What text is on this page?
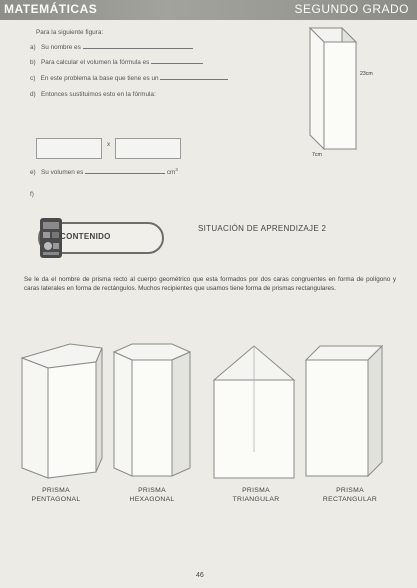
MATEMÁTICAS	SEGUNDO GRADO
Para la siguiente figura:
a) Su nombre es
b) Para calcular el volumen la fórmula es
c) En este problema la base que tiene es un
d) Entonces sustituimos esto en la fórmula:
x
e) Su volumen es	$cm^3$
f)
23cm
7cm
CONTENIDO
SITUACIÓN DE APRENDIZAJE 2
Se le da el nombre de prisma recto al cuerpo geométrico que esta formados por dos caras congruentes en forma de polígono y caras laterales en forma de rectángulos. Muchos recipientes que usamos tiene forma de prismas rectangulares.
PRISMA
PENTAGONAL
PRISMA
HEXAGONAL
PRISMA
TRIANGULAR
PRISMA
RECTANGULAR
46
